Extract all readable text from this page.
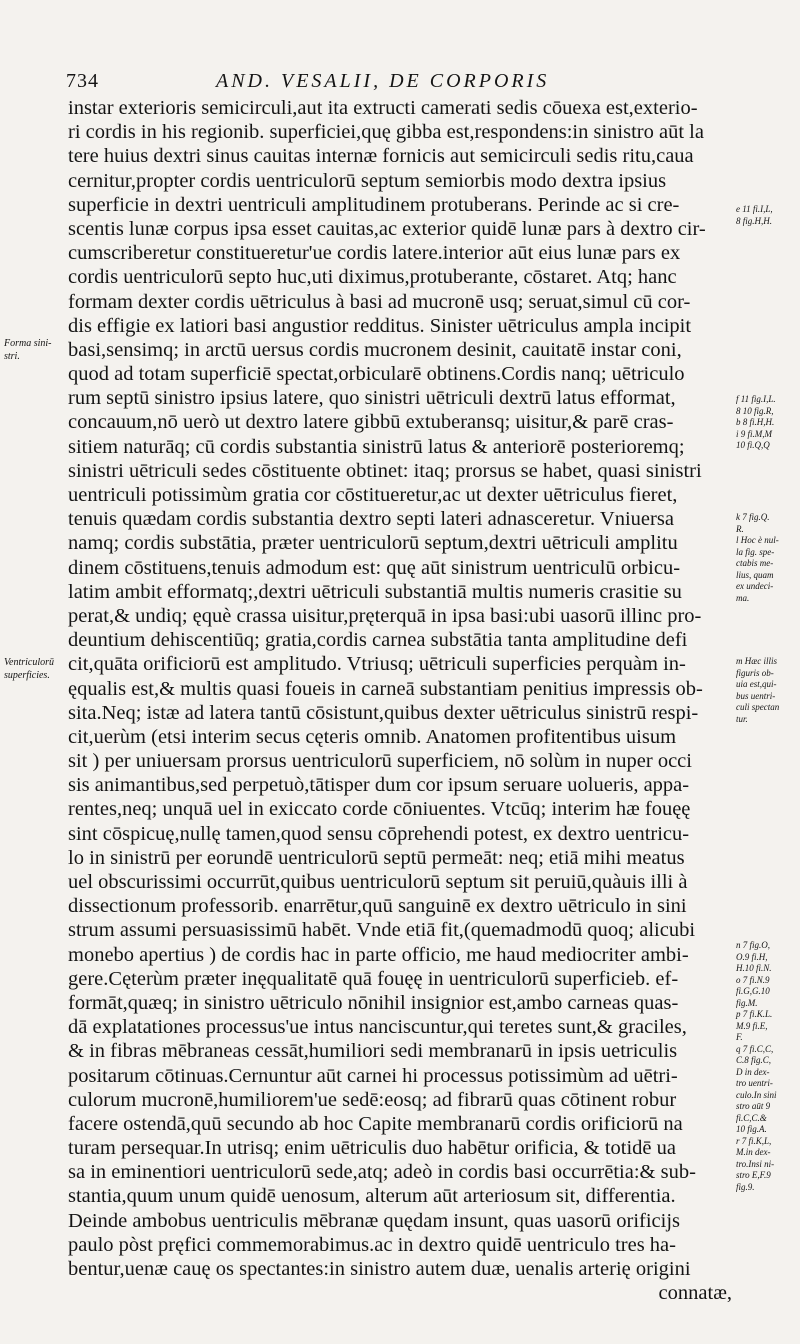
734	AND. VESALII, DE CORPORIS
instar exterioris semicirculi,aut ita extructi camerati sedis cōuexa est,exterio-
ri cordis in his regionib. superficiei,quę gibba est,respondens:in sinistro aūt la
tere huius dextri sinus cauitas internæ fornicis aut semicirculi sedis ritu,caua
cernitur,propter cordis uentriculorū septum semiorbis modo dextra ipsius
superficie in dextri uentriculi amplitudinem protuberans. Perinde ac si cre-
scentis lunæ corpus ipsa esset cauitas,ac exterior quidē lunæ pars à dextro cir-
cumscriberetur constitueretur'ue cordis latere.interior aūt eius lunæ pars ex
cordis uentriculorū septo huc,uti diximus,protuberante, cōstaret. Atq; hanc
formam dexter cordis uētriculus à basi ad mucronē usq; seruat,simul cū cor-
dis effigie ex latiori basi angustior redditus. Sinister uētriculus ampla incipit
basi,sensimq; in arctū uersus cordis mucronem desinit, cauitatē instar coni,
quod ad totam superficiē spectat,orbicularē obtinens.Cordis nanq; uētriculo
rum septū sinistro ipsius latere, quo sinistri uētriculi dextrū latus efformat,
concauum,nō uerò ut dextro latere gibbū extuberansq; uisitur,& parē cras-
sitiem naturāq; cū cordis substantia sinistrū latus & anteriorē posterioremq;
sinistri uētriculi sedes cōstituente obtinet: itaq; prorsus se habet, quasi sinistri
uentriculi potissimùm gratia cor cōstitueretur,ac ut dexter uētriculus fieret,
tenuis quædam cordis substantia dextro septi lateri adnasceretur. Vniuersa
namq; cordis substātia, præter uentriculorū septum,dextri uētriculi amplitu
dinem cōstituens,tenuis admodum est: quę aūt sinistrum uentriculū orbicu-
latim ambit efformatq;,dextri uētriculi substantiā multis numeris crasitie su
perat,& undiq; ęquè crassa uisitur,pręterquā in ipsa basi:ubi uasorū illinc pro-
deuntium dehiscentiūq; gratia,cordis carnea substātia tanta amplitudine defi
cit,quāta orificiorū est amplitudo. Vtriusq; uētriculi superficies perquàm in-
ęqualis est,& multis quasi foueis in carneā substantiam penitius impressis ob-
sita.Neq; istæ ad latera tantū cōsistunt,quibus dexter uētriculus sinistrū respi-
cit,uerùm (etsi interim secus cęteris omnib. Anatomen profitentibus uisum
sit ) per uniuersam prorsus uentriculorū superficiem, nō solùm in nuper occi
sis animantibus,sed perpetuò,tātisper dum cor ipsum seruare uolueris, appa-
rentes,neq; unquā uel in exiccato corde cōniuentes. Vtcūq; interim hæ fouęę
sint cōspicuę,nullę tamen,quod sensu cōprehendi potest, ex dextro uentricu-
lo in sinistrū per eorundē uentriculorū septū permeāt: neq; etiā mihi meatus
uel obscurissimi occurrūt,quibus uentriculorū septum sit peruiū,quàuis illi à
dissectionum professorib. enarrētur,quū sanguinē ex dextro uētriculo in sini
strum assumi persuasissimū habēt. Vnde etiā fit,(quemadmodū quoq; alicubi
monebo apertius ) de cordis hac in parte officio, me haud mediocriter ambi-
gere.Cęterùm præter inęqualitatē quā fouęę in uentriculorū superficieb. ef-
formāt,quæq; in sinistro uētriculo nōnihil insignior est,ambo carneas quas-
dā explatationes processus'ue intus nanciscuntur,qui teretes sunt,& graciles,
& in fibras mēbraneas cessāt,humiliori sedi membranarū in ipsis uetriculis
positarum cōtinuas.Cernuntur aūt carnei hi processus potissimùm ad uētri-
culorum mucronē,humiliorem'ue sedē:eosq; ad fibrarū quas cōtinent robur
facere ostendā,quū secundo ab hoc Capite membranarū cordis orificiorū na
turam persequar.In utrisq; enim uētriculis duo habētur orificia, & totidē ua
sa in eminentiori uentriculorū sede,atq; adeò in cordis basi occurrētia:& sub-
stantia,quum unum quidē uenosum, alterum aūt arteriosum sit, differentia.
Deinde ambobus uentriculis mēbranæ quędam insunt, quas uasorū orificijs
paulo pòst pręfici commemorabimus.ac in dextro quidē uentriculo tres ha-
bentur,uenæ cauę os spectantes:in sinistro autem duæ, uenalis arterię origini
connatæ,
Forma sini-
stri.
Ventriculorū
superficies.
e 11 fi.I,L,
8 fig.H,H.
f 11 fig.I,L.
8 10 fig.R,
b 8 fi.H,H.
i 9 fi.M,M
10 fi.Q,Q
k 7 fig.Q.
R.
l Hoc è nul-
la fig. spe-
ctabis me-
lius, quam
ex undeci-
ma.
m Hæc illis
figuris ob-
uia est,qui-
bus uentri-
culi spectan
tur.
n 7 fig.O,
O.9 fi.H,
H.10 fi.N.
o 7 fi.N.9
fi.G,G.10
fig.M.
p 7 fi.K.L.
M.9 fi.E,
F.
q 7 fi.C,C,
C.8 fig.C,
D in dex-
tro uentri-
culo.In sini
stro aūt 9
fi.C,C.&
10 fig.A.
r 7 fi.K,L,
M.in dex-
tro.Insi ni-
stro E,F.9
fig.9.
